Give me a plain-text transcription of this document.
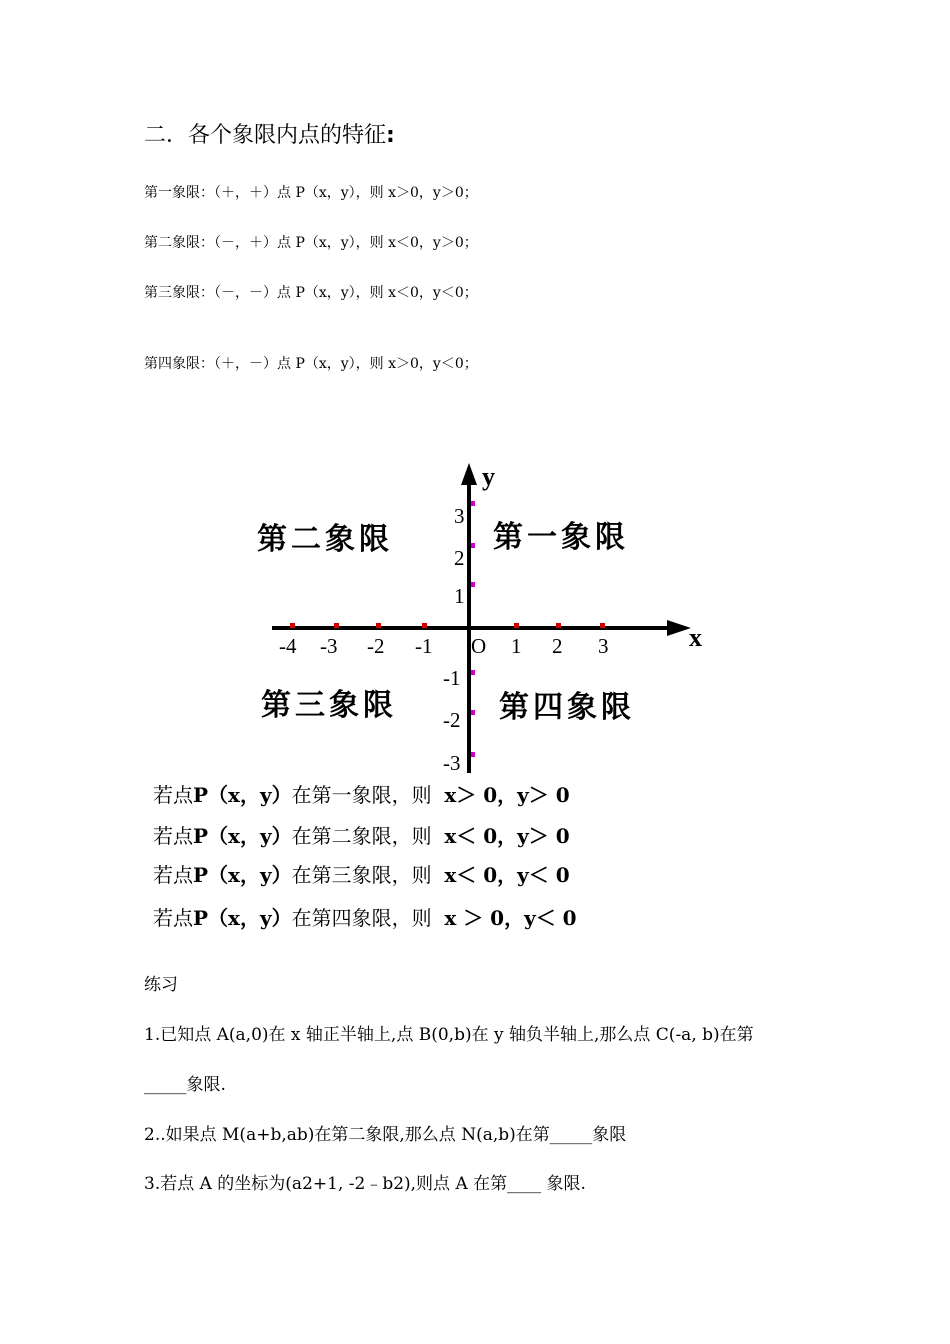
二．各个象限内点的特征:
第一象限：（＋，＋）点 P（x，y），则 x＞0，y＞0；
第二象限：（－，＋）点 P（x，y），则 x＜0，y＞0；
第三象限：（－，－）点 P（x，y），则 x＜0，y＜0；
第四象限：（＋，－）点 P（x，y），则 x＞0，y＜0；
y
x
O
-4 -3 -2 -1	1 2 3
3
2
1
-1
-2
-3
第二象限	第一象限
第三象限	第四象限
若点P（x，y）在第一象限，则 x＞ 0，y＞ 0
若点P（x，y）在第二象限，则 x＜ 0，y＞ 0
若点P（x，y）在第三象限，则 x＜ 0，y＜ 0
若点P（x，y）在第四象限，则 x ＞ 0，y＜ 0
练习
1.已知点 A(a,0)在 x 轴正半轴上,点 B(0,b)在 y 轴负半轴上,那么点 C(-a, b)在第
_____象限.
2..如果点 M(a+b,ab)在第二象限,那么点 N(a,b)在第_____象限
3.若点 A 的坐标为(a2+1, -2﹣b2),则点 A 在第____ 象限.
